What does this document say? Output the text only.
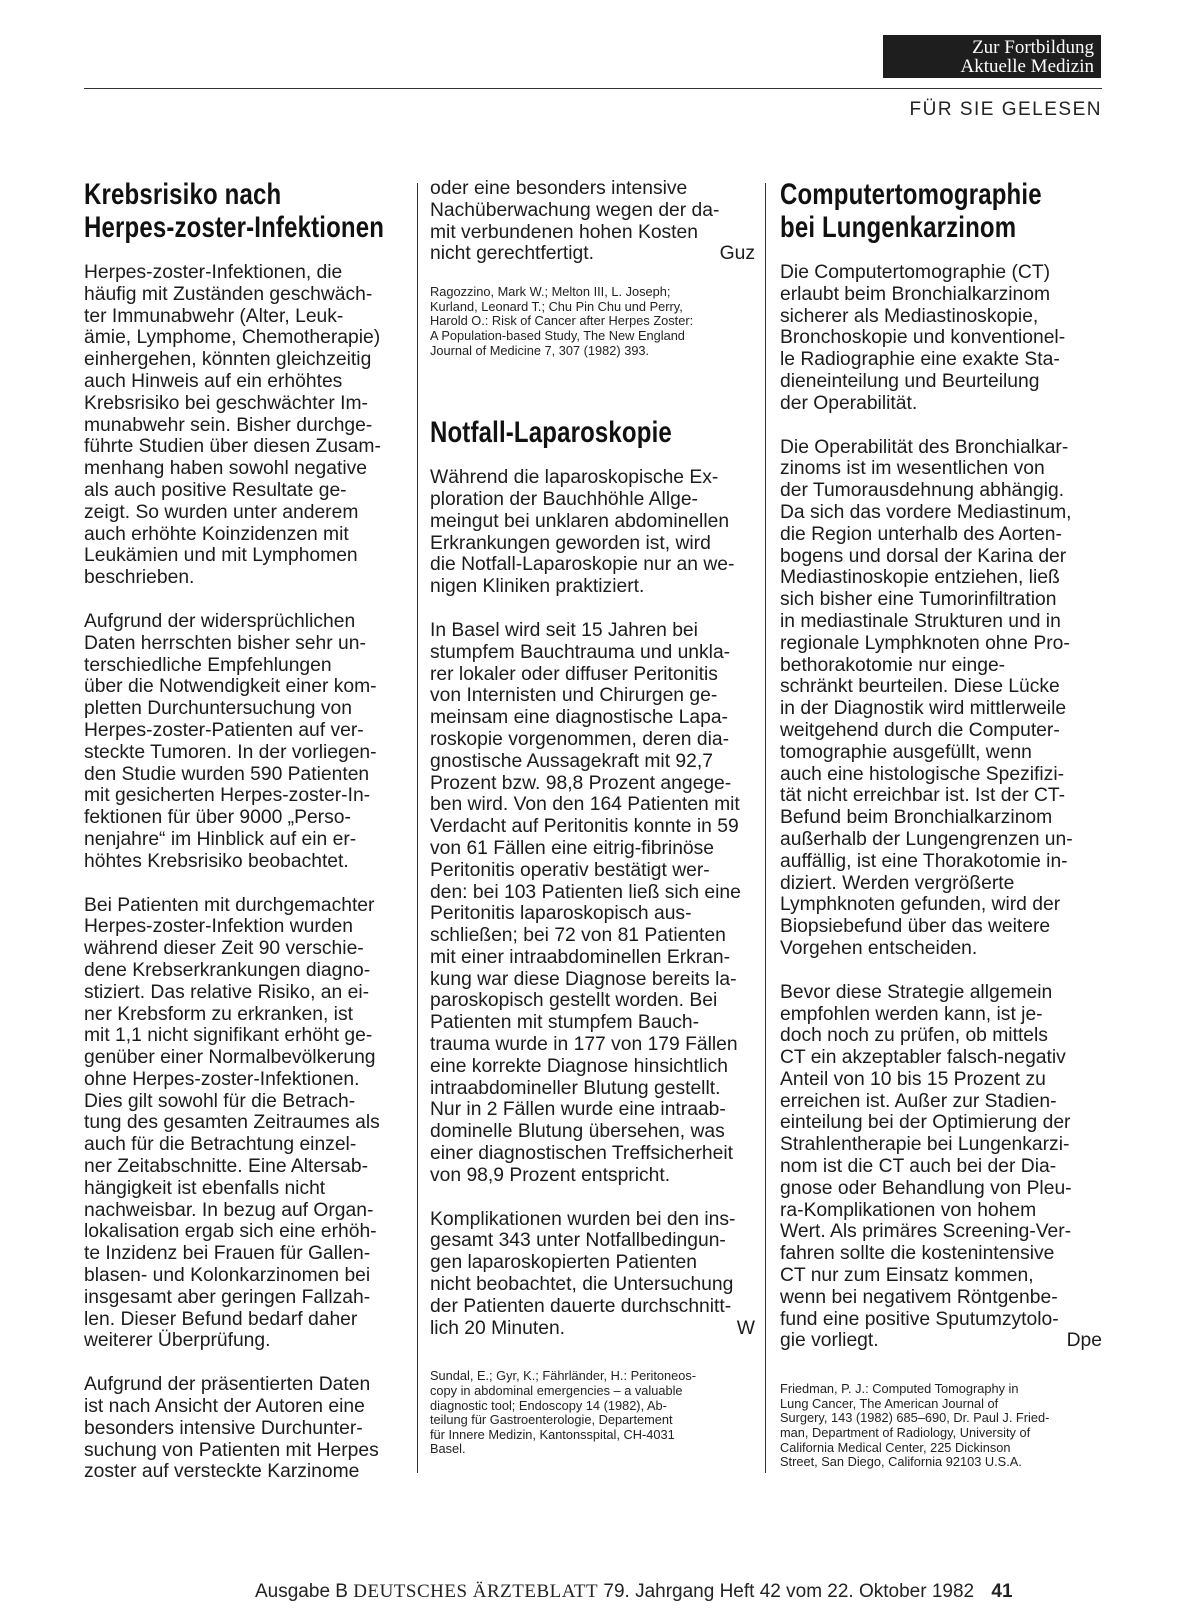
Zur Fortbildung
Aktuelle Medizin
FÜR SIE GELESEN
Krebsrisiko nach
Herpes-zoster-Infektionen

Herpes-zoster-Infektionen, die
häufig mit Zuständen geschwäch-
ter Immunabwehr (Alter, Leuk-
ämie, Lymphome, Chemotherapie)
einhergehen, könnten gleichzeitig
auch Hinweis auf ein erhöhtes
Krebsrisiko bei geschwächter Im-
munabwehr sein. Bisher durchge-
führte Studien über diesen Zusam-
menhang haben sowohl negative
als auch positive Resultate ge-
zeigt. So wurden unter anderem
auch erhöhte Koinzidenzen mit
Leukämien und mit Lymphomen
beschrieben.

Aufgrund der widersprüchlichen
Daten herrschten bisher sehr un-
terschiedliche Empfehlungen
über die Notwendigkeit einer kom-
pletten Durchuntersuchung von
Herpes-zoster-Patienten auf ver-
steckte Tumoren. In der vorliegen-
den Studie wurden 590 Patienten
mit gesicherten Herpes-zoster-In-
fektionen für über 9000 „Perso-
nenjahre“ im Hinblick auf ein er-
höhtes Krebsrisiko beobachtet.

Bei Patienten mit durchgemachter
Herpes-zoster-Infektion wurden
während dieser Zeit 90 verschie-
dene Krebserkrankungen diagno-
stiziert. Das relative Risiko, an ei-
ner Krebsform zu erkranken, ist
mit 1,1 nicht signifikant erhöht ge-
genüber einer Normalbevölkerung
ohne Herpes-zoster-Infektionen.
Dies gilt sowohl für die Betrach-
tung des gesamten Zeitraumes als
auch für die Betrachtung einzel-
ner Zeitabschnitte. Eine Altersab-
hängigkeit ist ebenfalls nicht
nachweisbar. In bezug auf Organ-
lokalisation ergab sich eine erhöh-
te Inzidenz bei Frauen für Gallen-
blasen- und Kolonkarzinomen bei
insgesamt aber geringen Fallzah-
len. Dieser Befund bedarf daher
weiterer Überprüfung.

Aufgrund der präsentierten Daten
ist nach Ansicht der Autoren eine
besonders intensive Durchunter-
suchung von Patienten mit Herpes
zoster auf versteckte Karzinome

oder eine besonders intensive
Nachüberwachung wegen der da-
mit verbundenen hohen Kosten
nicht gerechtfertigt.	Guz

Ragozzino, Mark W.; Melton III, L. Joseph;
Kurland, Leonard T.; Chu Pin Chu und Perry,
Harold O.: Risk of Cancer after Herpes Zoster:
A Population-based Study, The New England
Journal of Medicine 7, 307 (1982) 393.

Notfall-Laparoskopie

Während die laparoskopische Ex-
ploration der Bauchhöhle Allge-
meingut bei unklaren abdominellen
Erkrankungen geworden ist, wird
die Notfall-Laparoskopie nur an we-
nigen Kliniken praktiziert.

In Basel wird seit 15 Jahren bei
stumpfem Bauchtrauma und unkla-
rer lokaler oder diffuser Peritonitis
von Internisten und Chirurgen ge-
meinsam eine diagnostische Lapa-
roskopie vorgenommen, deren dia-
gnostische Aussagekraft mit 92,7
Prozent bzw. 98,8 Prozent angege-
ben wird. Von den 164 Patienten mit
Verdacht auf Peritonitis konnte in 59
von 61 Fällen eine eitrig-fibrinöse
Peritonitis operativ bestätigt wer-
den: bei 103 Patienten ließ sich eine
Peritonitis laparoskopisch aus-
schließen; bei 72 von 81 Patienten
mit einer intraabdominellen Erkran-
kung war diese Diagnose bereits la-
paroskopisch gestellt worden. Bei
Patienten mit stumpfem Bauch-
trauma wurde in 177 von 179 Fällen
eine korrekte Diagnose hinsichtlich
intraabdomineller Blutung gestellt.
Nur in 2 Fällen wurde eine intraab-
dominelle Blutung übersehen, was
einer diagnostischen Treffsicherheit
von 98,9 Prozent entspricht.

Komplikationen wurden bei den ins-
gesamt 343 unter Notfallbedingun-
gen laparoskopierten Patienten
nicht beobachtet, die Untersuchung
der Patienten dauerte durchschnitt-
lich 20 Minuten.	W

Sundal, E.; Gyr, K.; Fährländer, H.: Peritoneos-
copy in abdominal emergencies – a valuable
diagnostic tool; Endoscopy 14 (1982), Ab-
teilung für Gastroenterologie, Departement
für Innere Medizin, Kantonsspital, CH-4031
Basel.

Computertomographie
bei Lungenkarzinom

Die Computertomographie (CT)
erlaubt beim Bronchialkarzinom
sicherer als Mediastinoskopie,
Bronchoskopie und konventionel-
le Radiographie eine exakte Sta-
dieneinteilung und Beurteilung
der Operabilität.

Die Operabilität des Bronchialkar-
zinoms ist im wesentlichen von
der Tumorausdehnung abhängig.
Da sich das vordere Mediastinum,
die Region unterhalb des Aorten-
bogens und dorsal der Karina der
Mediastinoskopie entziehen, ließ
sich bisher eine Tumorinfiltration
in mediastinale Strukturen und in
regionale Lymphknoten ohne Pro-
bethorakotomie nur einge-
schränkt beurteilen. Diese Lücke
in der Diagnostik wird mittlerweile
weitgehend durch die Computer-
tomographie ausgefüllt, wenn
auch eine histologische Spezifizi-
tät nicht erreichbar ist. Ist der CT-
Befund beim Bronchialkarzinom
außerhalb der Lungengrenzen un-
auffällig, ist eine Thorakotomie in-
diziert. Werden vergrößerte
Lymphknoten gefunden, wird der
Biopsiebefund über das weitere
Vorgehen entscheiden.

Bevor diese Strategie allgemein
empfohlen werden kann, ist je-
doch noch zu prüfen, ob mittels
CT ein akzeptabler falsch-negativ
Anteil von 10 bis 15 Prozent zu
erreichen ist. Außer zur Stadien-
einteilung bei der Optimierung der
Strahlentherapie bei Lungenkarzi-
nom ist die CT auch bei der Dia-
gnose oder Behandlung von Pleu-
ra-Komplikationen von hohem
Wert. Als primäres Screening-Ver-
fahren sollte die kostenintensive
CT nur zum Einsatz kommen,
wenn bei negativem Röntgenbe-
fund eine positive Sputumzytolo-
gie vorliegt.	Dpe

Friedman, P. J.: Computed Tomography in
Lung Cancer, The American Journal of
Surgery, 143 (1982) 685–690, Dr. Paul J. Fried-
man, Department of Radiology, University of
California Medical Center, 225 Dickinson
Street, San Diego, California 92103 U.S.A.

Ausgabe B DEUTSCHES ÄRZTEBLATT 79. Jahrgang Heft 42 vom 22. Oktober 1982 41
